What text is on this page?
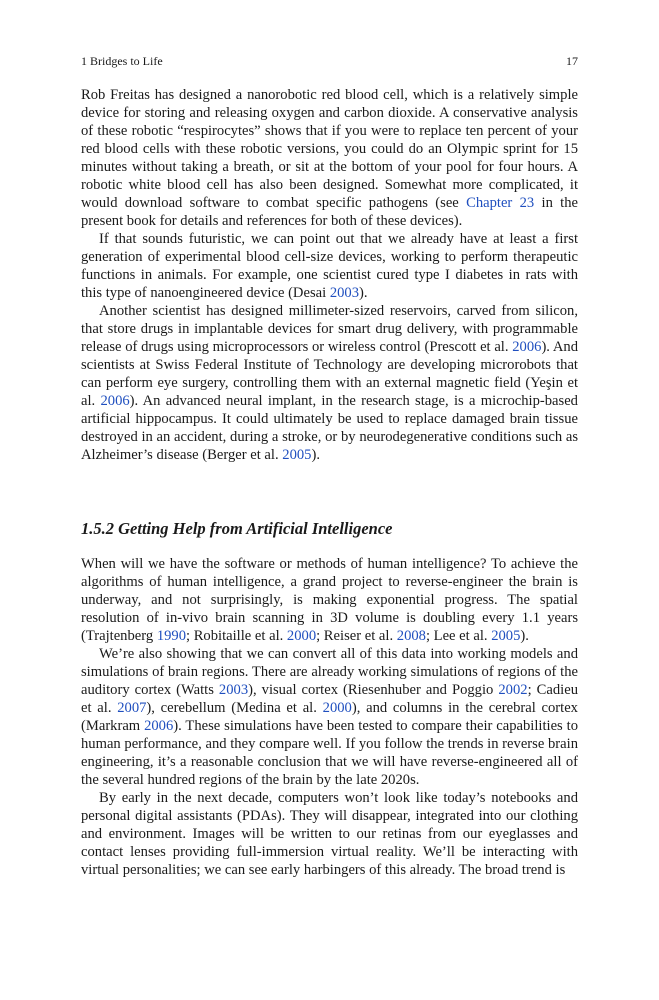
1 Bridges to Life	17

Rob Freitas has designed a nanorobotic red blood cell, which is a relatively simple device for storing and releasing oxygen and carbon dioxide. A conservative analysis of these robotic “respirocytes” shows that if you were to replace ten percent of your red blood cells with these robotic versions, you could do an Olympic sprint for 15 minutes without taking a breath, or sit at the bottom of your pool for four hours. A robotic white blood cell has also been designed. Somewhat more complicated, it would download software to combat specific pathogens (see Chapter 23 in the present book for details and references for both of these devices).

If that sounds futuristic, we can point out that we already have at least a first generation of experimental blood cell-size devices, working to perform therapeutic functions in animals. For example, one scientist cured type I diabetes in rats with this type of nanoengineered device (Desai 2003).

Another scientist has designed millimeter-sized reservoirs, carved from silicon, that store drugs in implantable devices for smart drug delivery, with programmable release of drugs using microprocessors or wireless control (Prescott et al. 2006). And scientists at Swiss Federal Institute of Technology are developing microrobots that can perform eye surgery, controlling them with an external magnetic field (Yeşin et al. 2006). An advanced neural implant, in the research stage, is a microchip-based artificial hippocampus. It could ultimately be used to replace damaged brain tissue destroyed in an accident, during a stroke, or by neurodegenerative conditions such as Alzheimer’s disease (Berger et al. 2005).

1.5.2 Getting Help from Artificial Intelligence

When will we have the software or methods of human intelligence? To achieve the algorithms of human intelligence, a grand project to reverse-engineer the brain is underway, and not surprisingly, is making exponential progress. The spatial resolution of in-vivo brain scanning in 3D volume is doubling every 1.1 years (Trajtenberg 1990; Robitaille et al. 2000; Reiser et al. 2008; Lee et al. 2005).

We’re also showing that we can convert all of this data into working models and simulations of brain regions. There are already working simulations of regions of the auditory cortex (Watts 2003), visual cortex (Riesenhuber and Poggio 2002; Cadieu et al. 2007), cerebellum (Medina et al. 2000), and columns in the cerebral cortex (Markram 2006). These simulations have been tested to compare their capabilities to human performance, and they compare well. If you follow the trends in reverse brain engineering, it’s a reasonable conclusion that we will have reverse-engineered all of the several hundred regions of the brain by the late 2020s.

By early in the next decade, computers won’t look like today’s notebooks and personal digital assistants (PDAs). They will disappear, integrated into our clothing and environment. Images will be written to our retinas from our eyeglasses and contact lenses providing full-immersion virtual reality. We’ll be interacting with virtual personalities; we can see early harbingers of this already. The broad trend is
